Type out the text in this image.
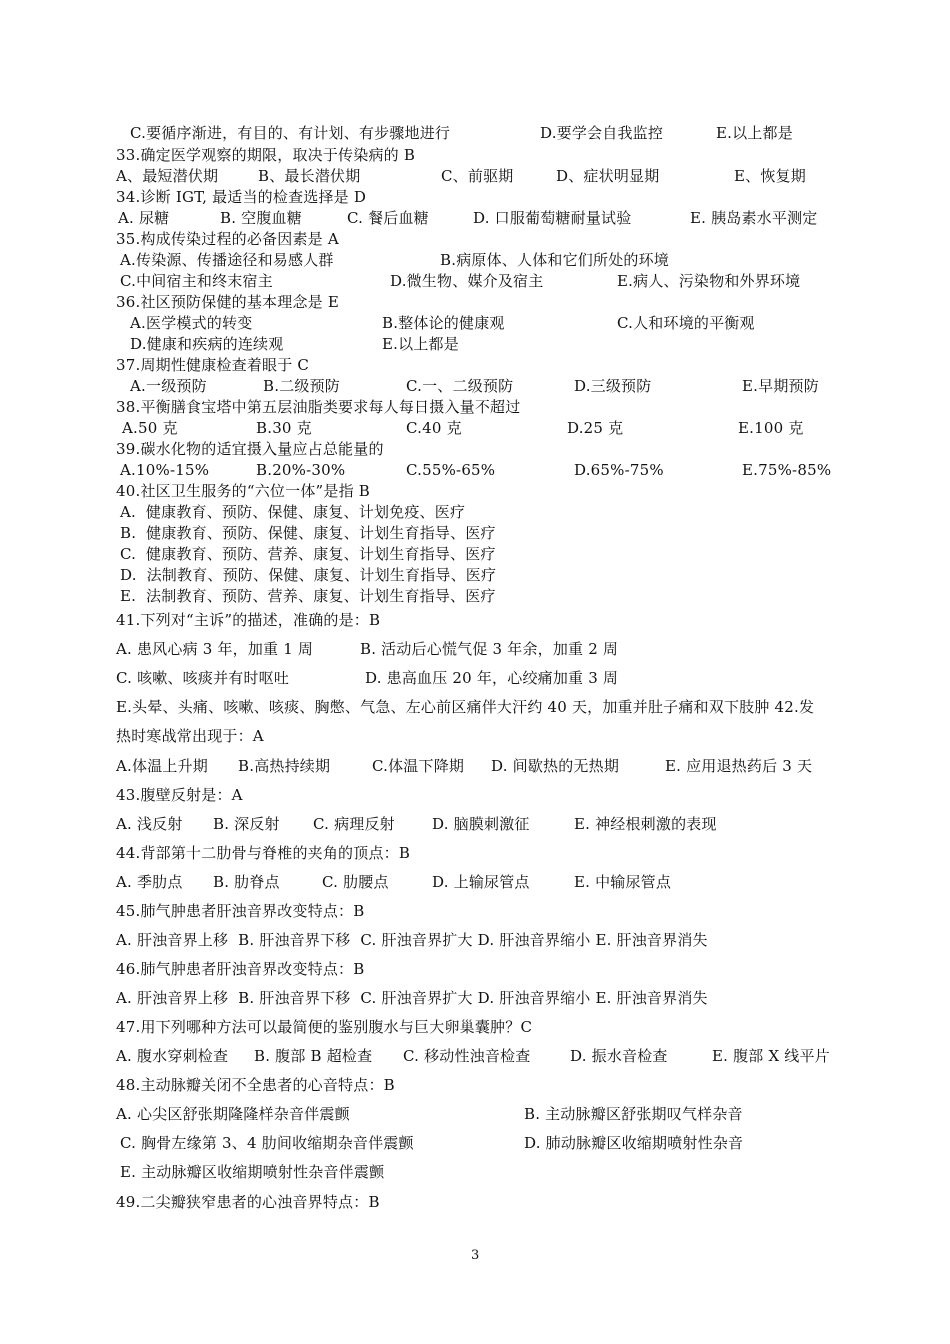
C.要循序渐进，有目的、有计划、有步骤地进行	D.要学会自我监控	E.以上都是
33.确定医学观察的期限，取决于传染病的 B
A、最短潜伏期	B、最长潜伏期	C、前驱期	D、症状明显期	E、恢复期
34.诊断 IGT, 最适当的检查选择是 D
A. 尿糖	B. 空腹血糖	C. 餐后血糖	D. 口服葡萄糖耐量试验	E. 胰岛素水平测定
35.构成传染过程的必备因素是 A
A.传染源、传播途径和易感人群	B.病原体、人体和它们所处的环境
C.中间宿主和终末宿主	D.微生物、媒介及宿主	E.病人、污染物和外界环境
36.社区预防保健的基本理念是 E
A.医学模式的转变	B.整体论的健康观	C.人和环境的平衡观
D.健康和疾病的连续观	E.以上都是
37.周期性健康检查着眼于 C
A.一级预防	B.二级预防	C.一、二级预防	D.三级预防	E.早期预防
38.平衡膳食宝塔中第五层油脂类要求每人每日摄入量不超过
A.50 克	B.30 克	C.40 克	D.25 克	E.100 克
39.碳水化物的适宜摄入量应占总能量的
A.10%-15%	B.20%-30%	C.55%-65%	D.65%-75%	E.75%-85%
40.社区卫生服务的“六位一体”是指 B
A.  健康教育、预防、保健、康复、计划免疫、医疗
B.  健康教育、预防、保健、康复、计划生育指导、医疗
C.  健康教育、预防、营养、康复、计划生育指导、医疗
D.  法制教育、预防、保健、康复、计划生育指导、医疗
E.  法制教育、预防、营养、康复、计划生育指导、医疗
41.下列对“主诉”的描述，准确的是：B
A. 患风心病 3 年，加重 1 周	B. 活动后心慌气促 3 年余，加重 2 周
C. 咳嗽、咳痰并有时呕吐	D. 患高血压 20 年，心绞痛加重 3 周
E.头晕、头痛、咳嗽、咳痰、胸憋、气急、左心前区痛伴大汗约 40 天，加重并肚子痛和双下肢肿 42.发
热时寒战常出现于：A
A.体温上升期 B.高热持续期	C.体温下降期 D. 间歇热的无热期	E. 应用退热药后 3 天
43.腹壁反射是：A
A. 浅反射 B. 深反射 C. 病理反射 D. 脑膜刺激征	E. 神经根刺激的表现
44.背部第十二肋骨与脊椎的夹角的顶点：B
A. 季肋点 B. 肋脊点	C. 肋腰点	D. 上输尿管点	E. 中输尿管点
45.肺气肿患者肝浊音界改变特点：B
A. 肝浊音界上移  B. 肝浊音界下移  C. 肝浊音界扩大 D. 肝浊音界缩小 E. 肝浊音界消失
46.肺气肿患者肝浊音界改变特点：B
A. 肝浊音界上移  B. 肝浊音界下移  C. 肝浊音界扩大 D. 肝浊音界缩小 E. 肝浊音界消失
47.用下列哪种方法可以最简便的鉴别腹水与巨大卵巢囊肿？C
A. 腹水穿刺检查 B. 腹部 B 超检查 C. 移动性浊音检查	D. 振水音检查	E. 腹部 X 线平片
48.主动脉瓣关闭不全患者的心音特点：B
A. 心尖区舒张期隆隆样杂音伴震颤	B. 主动脉瓣区舒张期叹气样杂音
C. 胸骨左缘第 3、4 肋间收缩期杂音伴震颤	D. 肺动脉瓣区收缩期喷射性杂音
E. 主动脉瓣区收缩期喷射性杂音伴震颤
49.二尖瓣狭窄患者的心浊音界特点：B
3
